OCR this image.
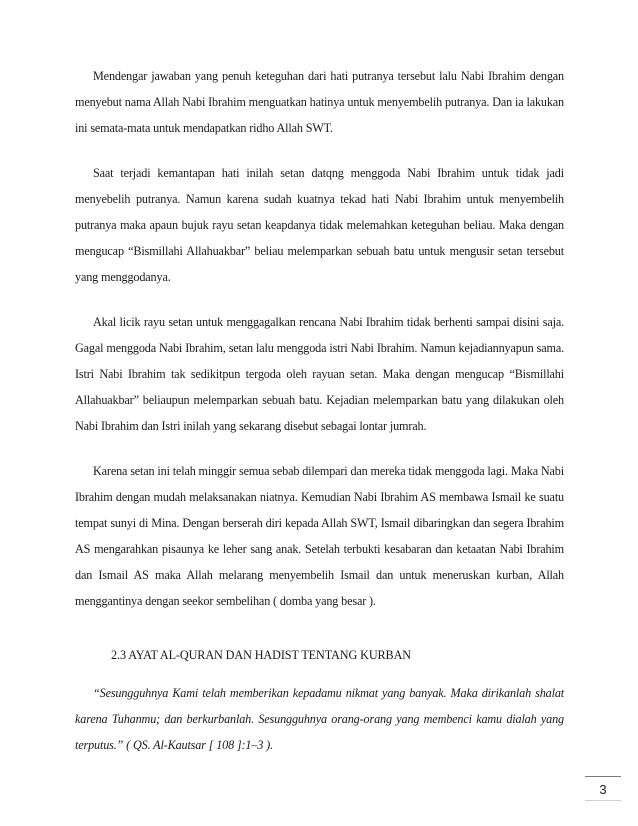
Mendengar jawaban yang penuh keteguhan dari hati putranya tersebut lalu Nabi Ibrahim dengan menyebut nama Allah Nabi Ibrahim menguatkan hatinya untuk menyembelih putranya. Dan ia lakukan ini semata-mata untuk mendapatkan ridho Allah SWT.

Saat terjadi kemantapan hati inilah setan datqng menggoda Nabi Ibrahim untuk tidak jadi menyebelih putranya. Namun karena sudah kuatnya tekad hati Nabi Ibrahim untuk menyembelih putranya maka apaun bujuk rayu setan keapdanya tidak melemahkan keteguhan beliau. Maka dengan mengucap “Bismillahi Allahuakbar” beliau melemparkan sebuah batu untuk mengusir setan tersebut yang menggodanya.

Akal licik rayu setan untuk menggagalkan rencana Nabi Ibrahim tidak berhenti sampai disini saja. Gagal menggoda Nabi Ibrahim, setan lalu menggoda istri Nabi Ibrahim. Namun kejadiannyapun sama. Istri Nabi Ibrahim tak sedikitpun tergoda oleh rayuan setan. Maka dengan mengucap “Bismillahi Allahuakbar” beliaupun melemparkan sebuah batu. Kejadian melemparkan batu yang dilakukan oleh Nabi Ibrahim dan Istri inilah yang sekarang disebut sebagai lontar jumrah.

Karena setan ini telah minggir semua sebab dilempari dan mereka tidak menggoda lagi. Maka Nabi Ibrahim dengan mudah melaksanakan niatnya. Kemudian Nabi Ibrahim AS membawa Ismail ke suatu tempat sunyi di Mina. Dengan berserah diri kepada Allah SWT, Ismail dibaringkan dan segera Ibrahim AS mengarahkan pisaunya ke leher sang anak. Setelah terbukti kesabaran dan ketaatan Nabi Ibrahim dan Ismail AS maka Allah melarang menyembelih Ismail dan untuk meneruskan kurban, Allah menggantinya dengan seekor sembelihan ( domba yang besar ).

2.3 AYAT AL-QURAN DAN HADIST TENTANG KURBAN

“Sesungguhnya Kami telah memberikan kepadamu nikmat yang banyak. Maka dirikanlah shalat karena Tuhanmu; dan berkurbanlah. Sesungguhnya orang-orang yang membenci kamu dialah yang terputus.” ( QS. Al-Kautsar [ 108 ]:1–3 ).

3
